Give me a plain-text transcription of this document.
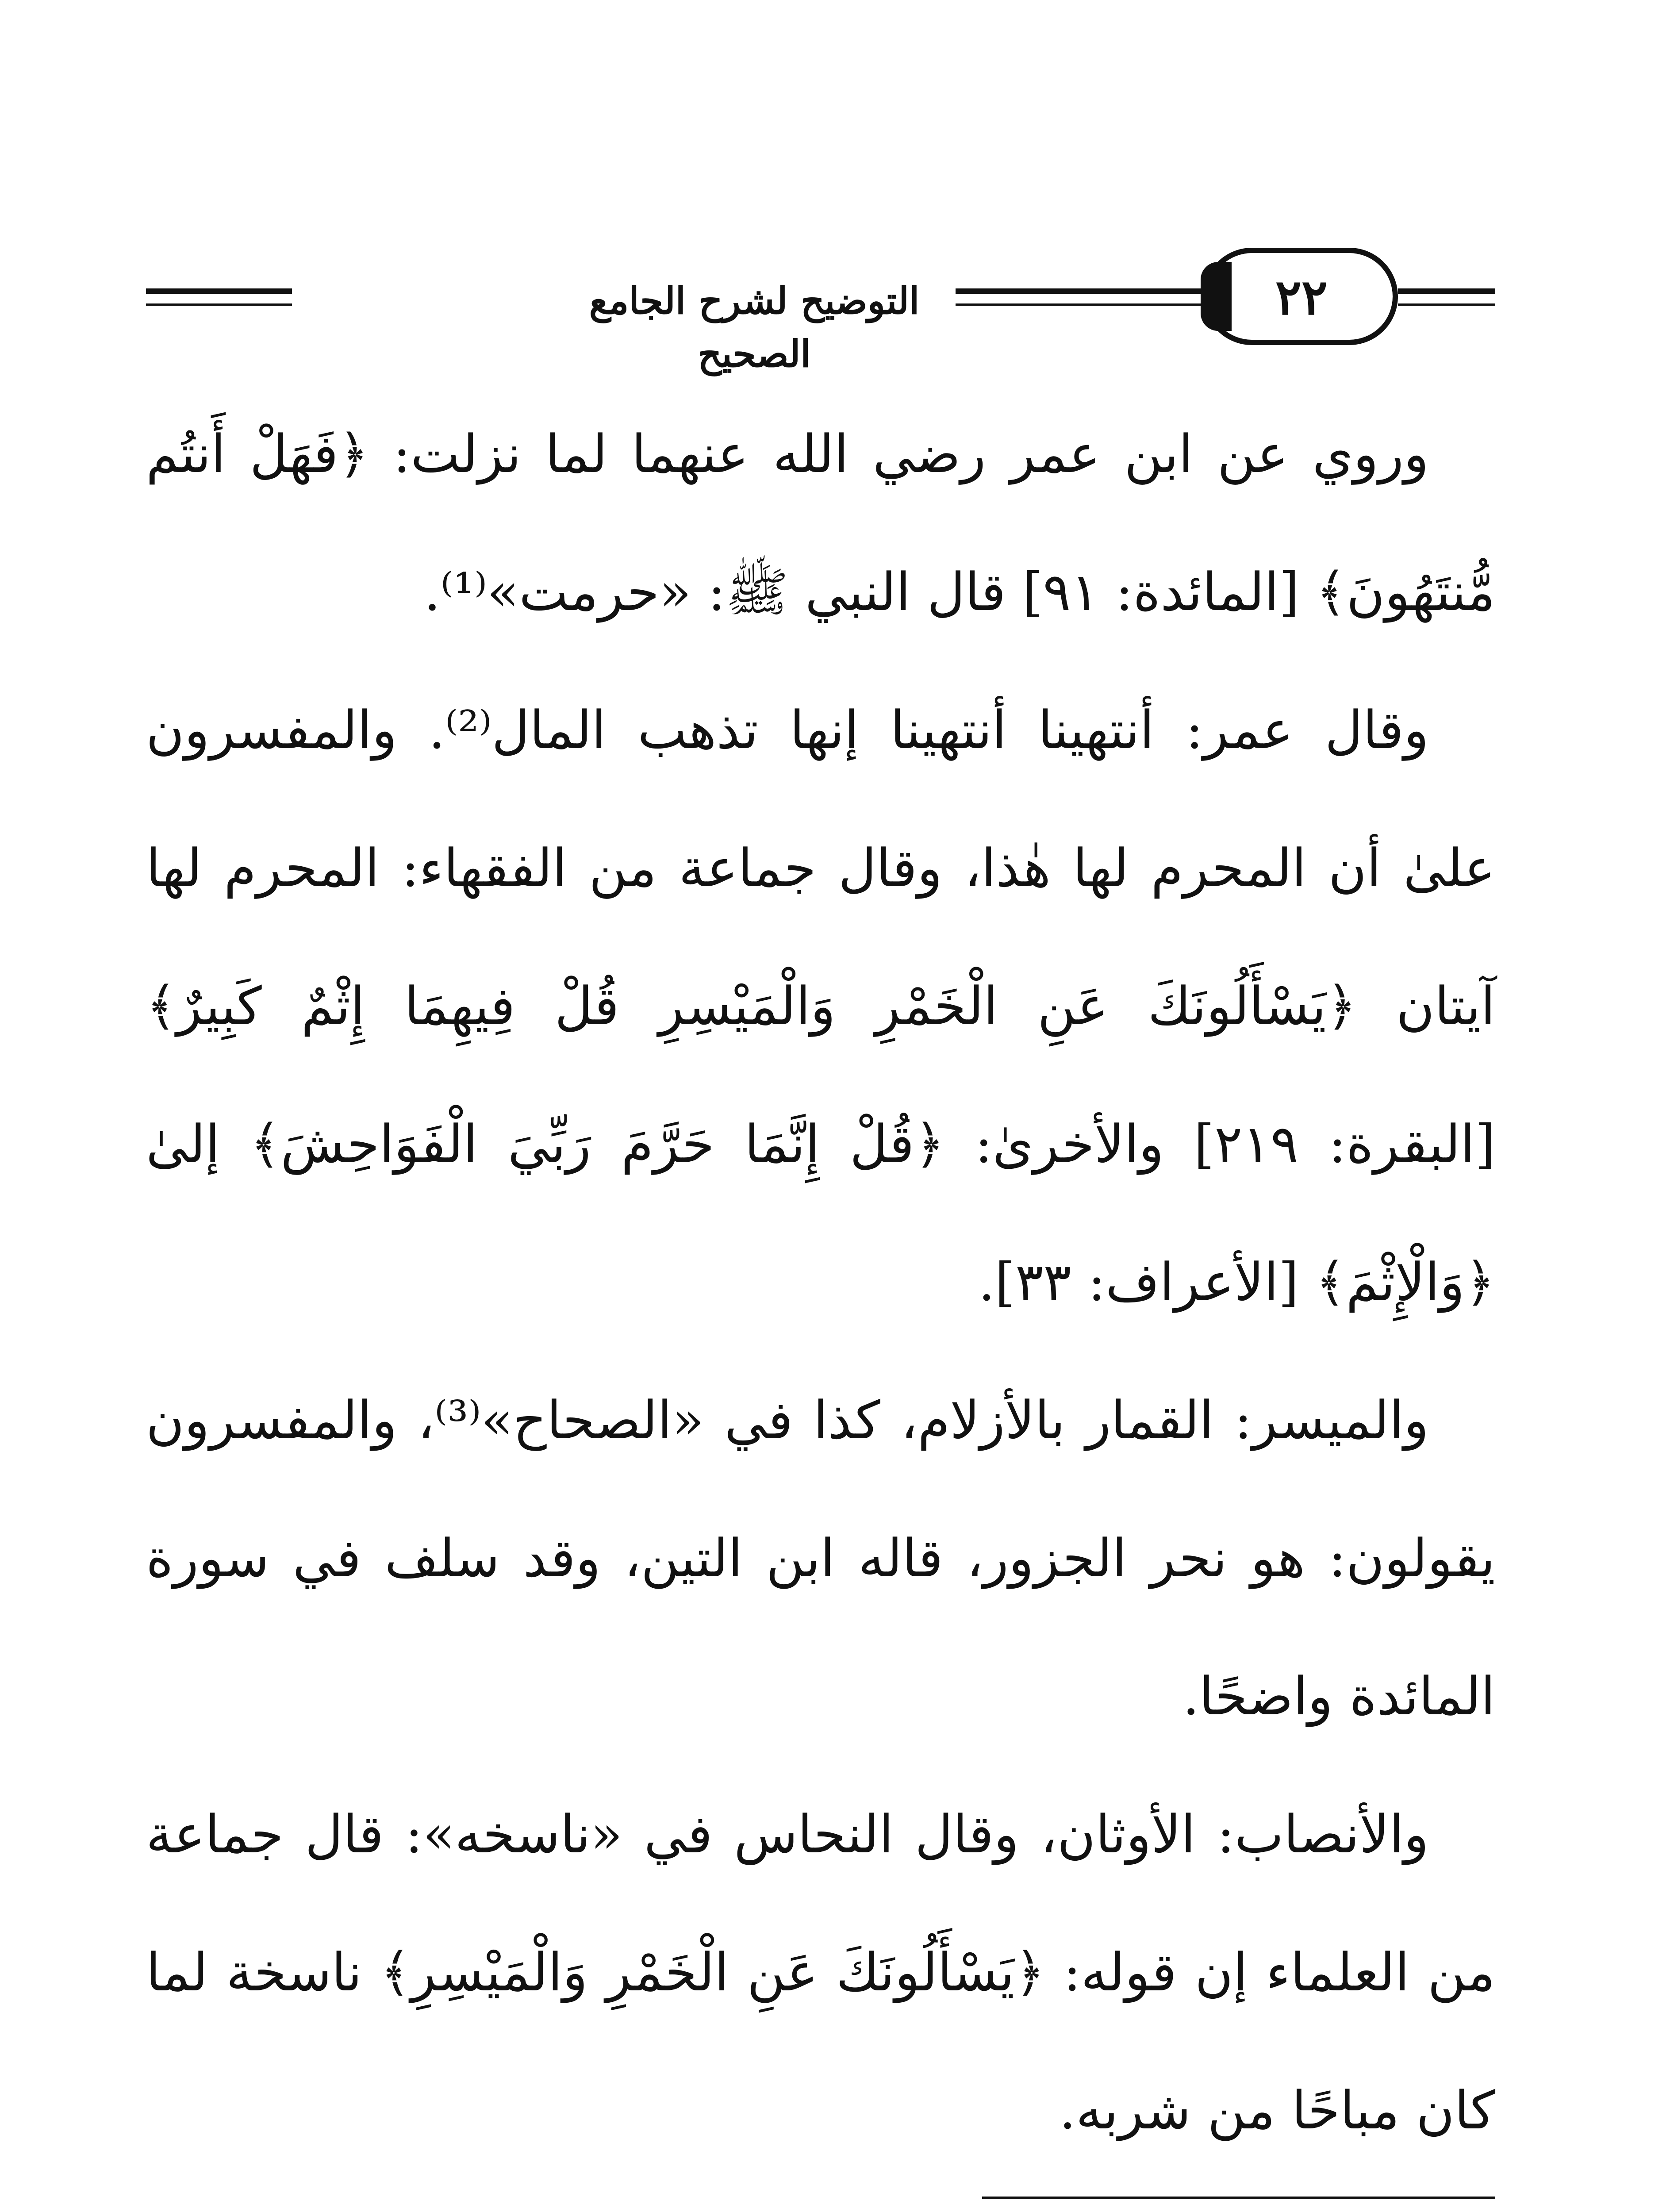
التوضيح لشرح الجامع الصحيح
٢٢

وروي عن ابن عمر رضي الله عنهما لما نزلت: ﴿فَهَلْ أَنتُم مُّنتَهُونَ﴾ [المائدة: ٩١] قال النبي ﷺ: «حرمت»⁽¹⁾.

وقال عمر: أنتهينا أنتهينا إنها تذهب المال⁽²⁾. والمفسرون علىٰ أن المحرم لها هٰذا، وقال جماعة من الفقهاء: المحرم لها آيتان ﴿يَسْأَلُونَكَ عَنِ الْخَمْرِ وَالْمَيْسِرِ قُلْ فِيهِمَا إِثْمٌ كَبِيرٌ﴾ [البقرة: ٢١٩] والأخرىٰ: ﴿قُلْ إِنَّمَا حَرَّمَ رَبِّيَ الْفَوَاحِشَ﴾ إلىٰ ﴿وَالْإِثْمَ﴾ [الأعراف: ٣٣].

والميسر: القمار بالأزلام، كذا في «الصحاح»⁽³⁾، والمفسرون يقولون: هو نحر الجزور، قاله ابن التين، وقد سلف في سورة المائدة واضحًا.

والأنصاب: الأوثان، وقال النحاس في «ناسخه»: قال جماعة من العلماء إن قوله: ﴿يَسْأَلُونَكَ عَنِ الْخَمْرِ وَالْمَيْسِرِ﴾ ناسخة لما كان مباحًا من شربه.
